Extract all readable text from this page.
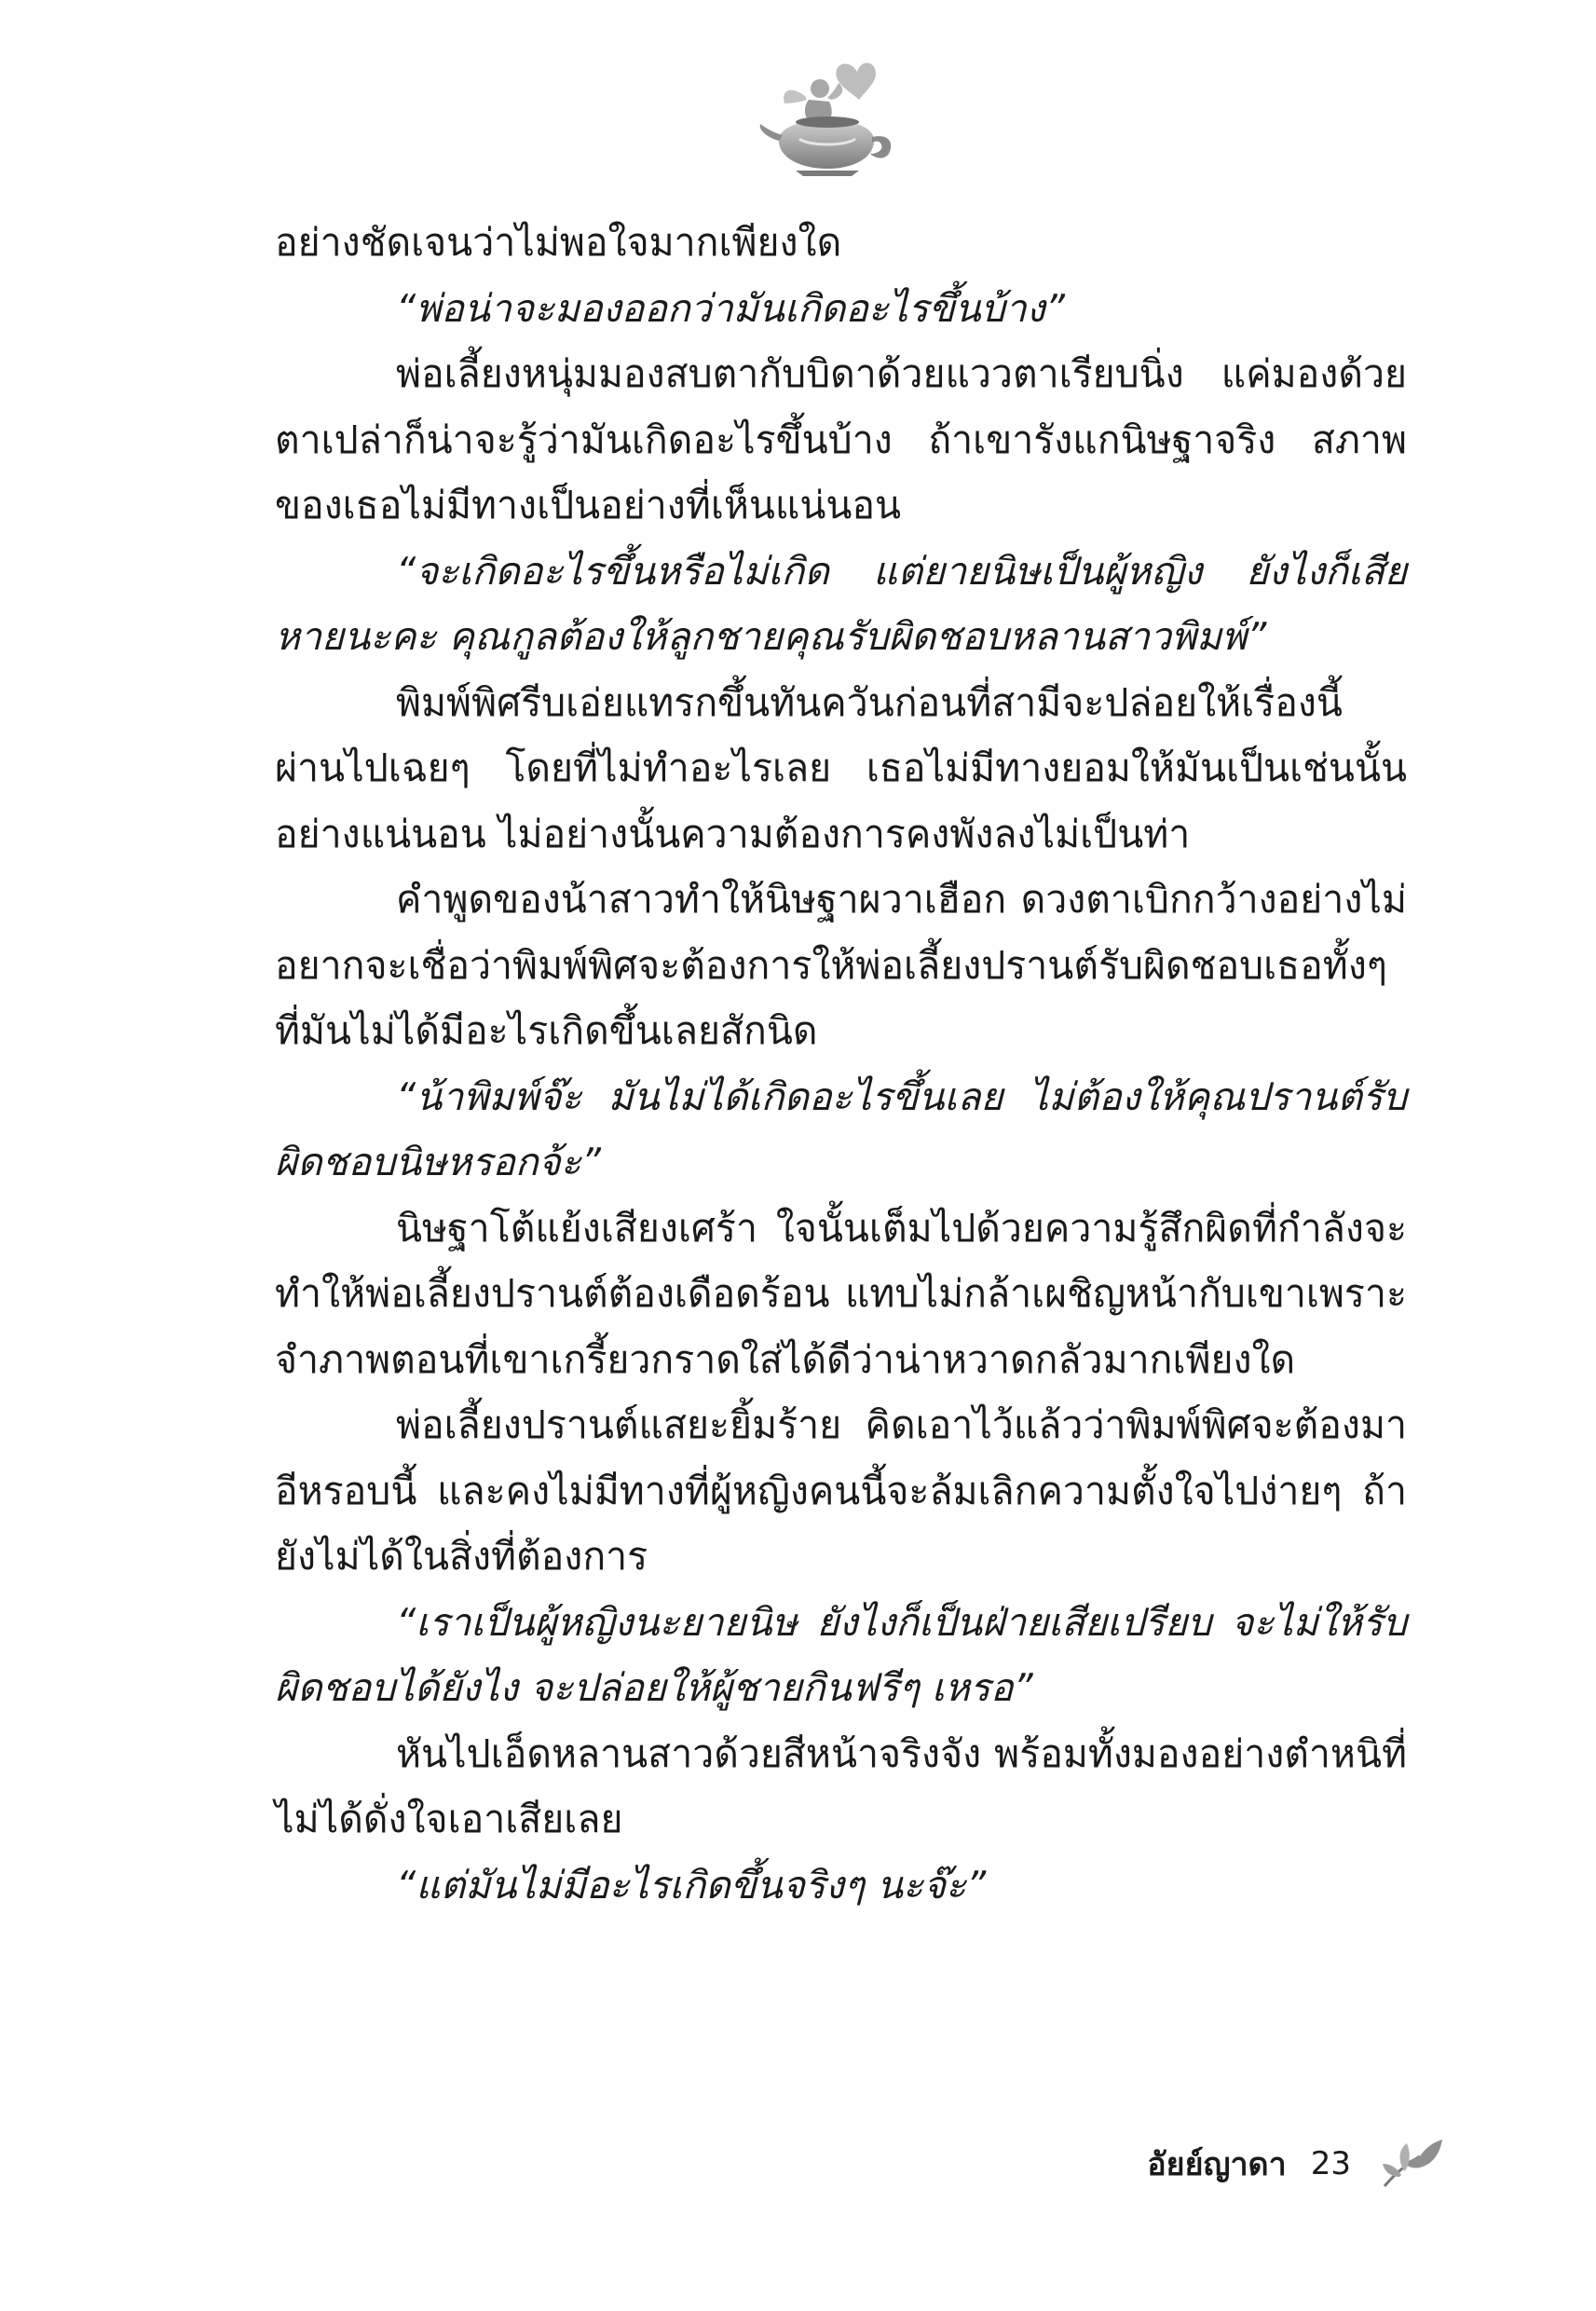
อย่างชัดเจนว่าไม่พอใจมากเพียงใด

“พ่อน่าจะมองออกว่ามันเกิดอะไรขึ้นบ้าง”

พ่อเลี้ยงหนุ่มมองสบตากับบิดาด้วยแววตาเรียบนิ่ง แค่มองด้วยตาเปล่าก็น่าจะรู้ว่ามันเกิดอะไรขึ้นบ้าง ถ้าเขารังแกนิษฐาจริง สภาพของเธอไม่มีทางเป็นอย่างที่เห็นแน่นอน

“จะเกิดอะไรขึ้นหรือไม่เกิด แต่ยายนิษเป็นผู้หญิง ยังไงก็เสียหายนะคะ คุณกูลต้องให้ลูกชายคุณรับผิดชอบหลานสาวพิมพ์”

พิมพ์พิศรีบเอ่ยแทรกขึ้นทันควันก่อนที่สามีจะปล่อยให้เรื่องนี้ผ่านไปเฉยๆ โดยที่ไม่ทำอะไรเลย เธอไม่มีทางยอมให้มันเป็นเช่นนั้นอย่างแน่นอน ไม่อย่างนั้นความต้องการคงพังลงไม่เป็นท่า

คำพูดของน้าสาวทำให้นิษฐาผวาเฮือก ดวงตาเบิกกว้างอย่างไม่อยากจะเชื่อว่าพิมพ์พิศจะต้องการให้พ่อเลี้ยงปรานต์รับผิดชอบเธอทั้งๆ ที่มันไม่ได้มีอะไรเกิดขึ้นเลยสักนิด

“น้าพิมพ์จ๊ะ มันไม่ได้เกิดอะไรขึ้นเลย ไม่ต้องให้คุณปรานต์รับผิดชอบนิษหรอกจ้ะ”

นิษฐาโต้แย้งเสียงเศร้า ใจนั้นเต็มไปด้วยความรู้สึกผิดที่กำลังจะทำให้พ่อเลี้ยงปรานต์ต้องเดือดร้อน แทบไม่กล้าเผชิญหน้ากับเขาเพราะจำภาพตอนที่เขาเกรี้ยวกราดใส่ได้ดีว่าน่าหวาดกลัวมากเพียงใด

พ่อเลี้ยงปรานต์แสยะยิ้มร้าย คิดเอาไว้แล้วว่าพิมพ์พิศจะต้องมาอีหรอบนี้ และคงไม่มีทางที่ผู้หญิงคนนี้จะล้มเลิกความตั้งใจไปง่ายๆ ถ้ายังไม่ได้ในสิ่งที่ต้องการ

“เราเป็นผู้หญิงนะยายนิษ ยังไงก็เป็นฝ่ายเสียเปรียบ จะไม่ให้รับผิดชอบได้ยังไง จะปล่อยให้ผู้ชายกินฟรีๆ เหรอ”

หันไปเอ็ดหลานสาวด้วยสีหน้าจริงจัง พร้อมทั้งมองอย่างตำหนิที่ไม่ได้ดั่งใจเอาเสียเลย

“แต่มันไม่มีอะไรเกิดขึ้นจริงๆ นะจ๊ะ”

อัยย์ญาดา 23
